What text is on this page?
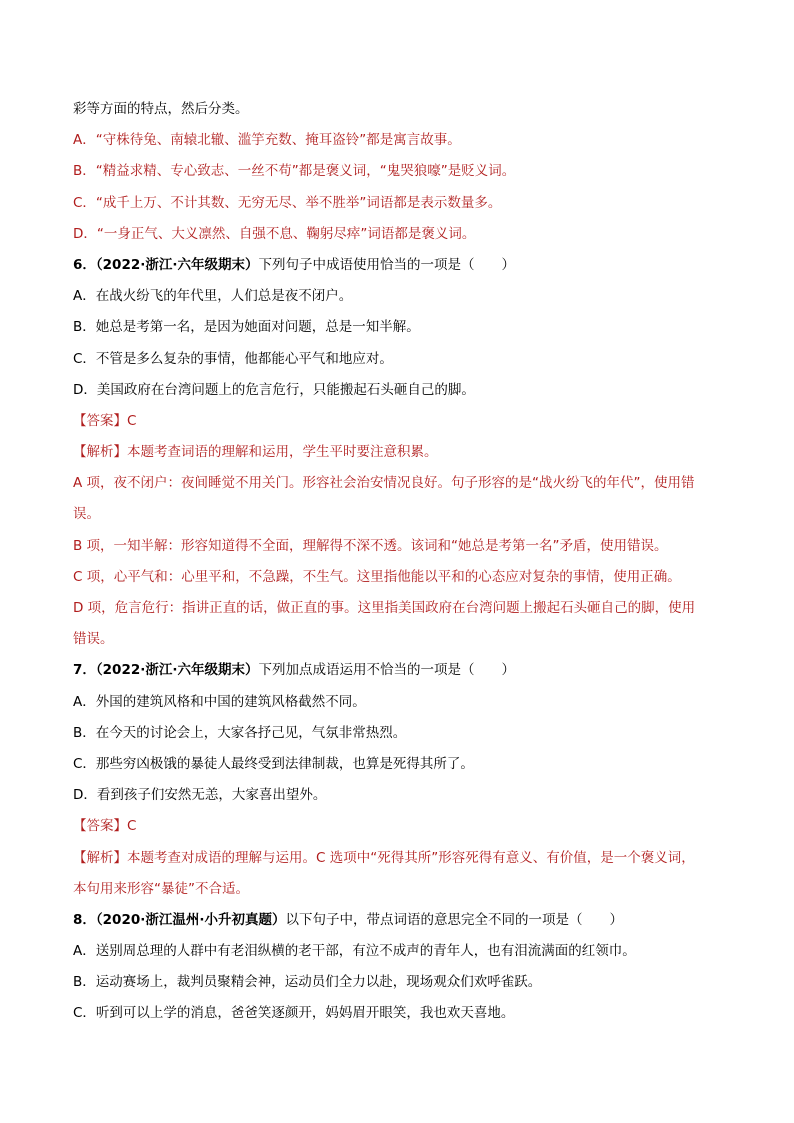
彩等方面的特点，然后分类。
A．“守株待兔、南辕北辙、滥竽充数、掩耳盗铃”都是寓言故事。
B．“精益求精、专心致志、一丝不苟”都是褒义词，“鬼哭狼嚎”是贬义词。
C．“成千上万、不计其数、无穷无尽、举不胜举”词语都是表示数量多。
D．“一身正气、大义凛然、自强不息、鞠躬尽瘁”词语都是褒义词。
6．（2022·浙江·六年级期末）下列句子中成语使用恰当的一项是（　　）
A．在战火纷飞的年代里，人们总是夜不闭户。
B．她总是考第一名，是因为她面对问题，总是一知半解。
C．不管是多么复杂的事情，他都能心平气和地应对。
D．美国政府在台湾问题上的危言危行，只能搬起石头砸自己的脚。
【答案】C
【解析】本题考查词语的理解和运用，学生平时要注意积累。
A 项，夜不闭户：夜间睡觉不用关门。形容社会治安情况良好。句子形容的是“战火纷飞的年代”，使用错
误。
B 项，一知半解：形容知道得不全面，理解得不深不透。该词和“她总是考第一名”矛盾，使用错误。
C 项，心平气和：心里平和，不急躁，不生气。这里指他能以平和的心态应对复杂的事情，使用正确。
D 项，危言危行：指讲正直的话，做正直的事。这里指美国政府在台湾问题上搬起石头砸自己的脚，使用
错误。
7．（2022·浙江·六年级期末）下列加点成语运用不恰当的一项是（　　）
A．外国的建筑风格和中国的建筑风格截然不同。
B．在今天的讨论会上，大家各抒己见，气氛非常热烈。
C．那些穷凶极饿的暴徒人最终受到法律制裁，也算是死得其所了。
D．看到孩子们安然无恙，大家喜出望外。
【答案】C
【解析】本题考查对成语的理解与运用。C 选项中“死得其所”形容死得有意义、有价值，是一个褒义词，
本句用来形容“暴徒”不合适。
8．（2020·浙江温州·小升初真题）以下句子中，带点词语的意思完全不同的一项是（　　）
A．送别周总理的人群中有老泪纵横的老干部，有泣不成声的青年人，也有泪流满面的红领巾。
B．运动赛场上，裁判员聚精会神，运动员们全力以赴，现场观众们欢呼雀跃。
C．听到可以上学的消息，爸爸笑逐颜开，妈妈眉开眼笑，我也欢天喜地。
